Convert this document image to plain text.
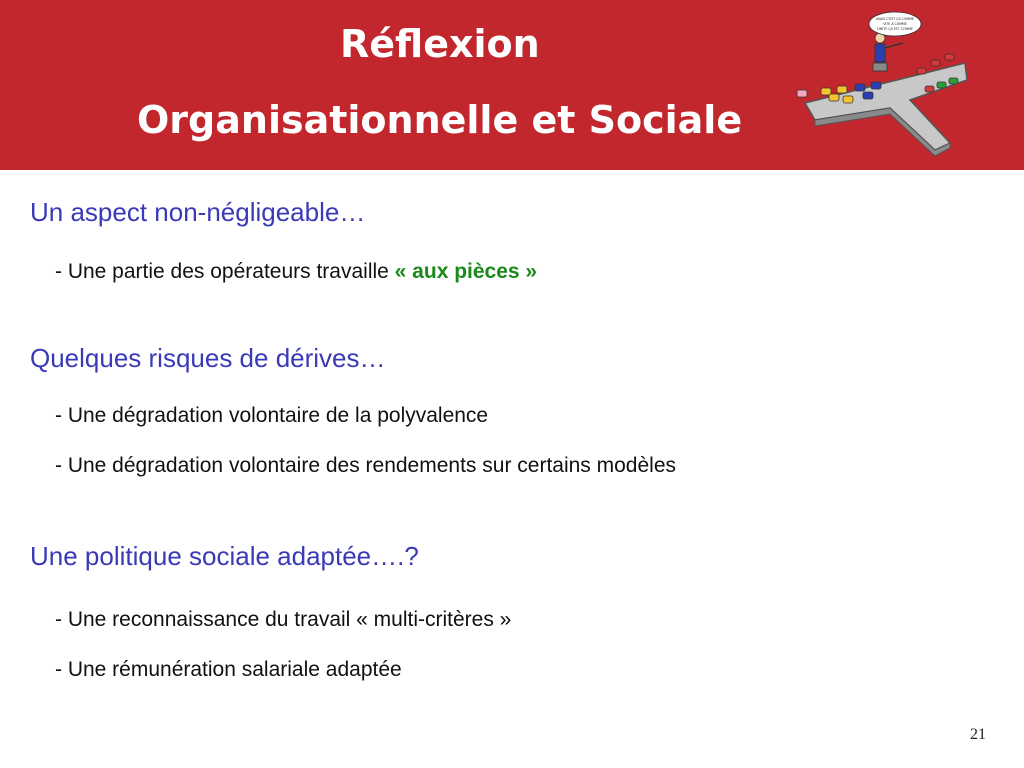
Réflexion
Organisationnelle et Sociale
AVAIS C'EST ÇA COMME
VITE A COMME
LIMITE ÇA ETC COMME
Un aspect non-négligeable…
- Une partie des opérateurs travaille « aux pièces »
Quelques risques de dérives…
- Une dégradation volontaire de la polyvalence
- Une dégradation volontaire des rendements sur certains modèles
Une politique sociale adaptée….?
- Une reconnaissance du travail « multi-critères »
- Une rémunération salariale adaptée
21
